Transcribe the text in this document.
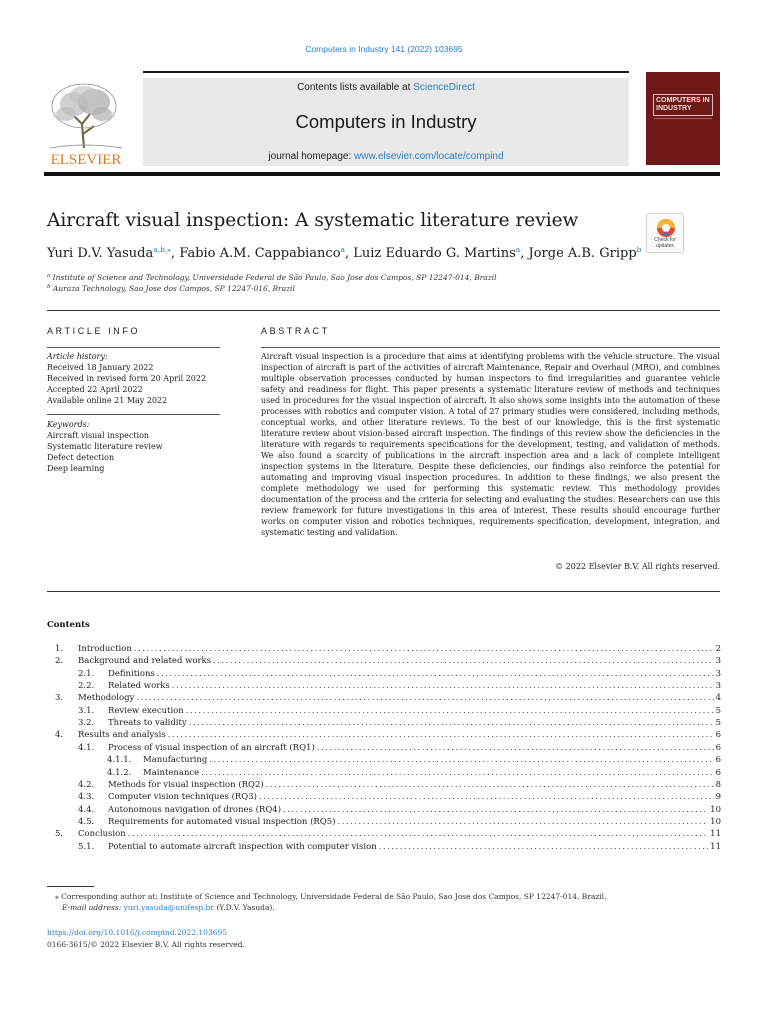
Computers in Industry 141 (2022) 103695
ELSEVIER
Contents lists available at ScienceDirect
Computers in Industry
journal homepage: www.elsevier.com/locate/compind
COMPUTERS IN INDUSTRY
Aircraft visual inspection: A systematic literature review
Check for updates
Yuri D.V. Yasuda$^{a,b,⁎}$, Fabio A.M. Cappabianco$^a$, Luiz Eduardo G. Martins$^a$, Jorge A.B. Gripp$^b$
$^a$ Institute of Science and Technology, Universidade Federal de São Paulo, Sao Jose dos Campos, SP 12247-014, Brazil
$^b$ Auraza Technology, Sao Jose dos Campos, SP 12247-016, Brazil
ARTICLE INFO
Article history:
Received 18 January 2022
Received in revised form 20 April 2022
Accepted 22 April 2022
Available online 21 May 2022
Keywords:
Aircraft visual inspection
Systematic literature review
Defect detection
Deep learning
ABSTRACT
Aircraft visual inspection is a procedure that aims at identifying problems with the vehicle structure. The visual inspection of aircraft is part of the activities of aircraft Maintenance, Repair and Overhaul (MRO), and combines multiple observation processes conducted by human inspectors to find irregularities and guarantee vehicle safety and readiness for flight. This paper presents a systematic literature review of methods and techniques used in procedures for the visual inspection of aircraft. It also shows some insights into the automation of these processes with robotics and computer vision. A total of 27 primary studies were considered, including methods, conceptual works, and other literature reviews. To the best of our knowledge, this is the first systematic literature review about vision-based aircraft inspection. The findings of this review show the deficiencies in the literature with regards to requirements specifications for the development, testing, and validation of methods. We also found a scarcity of publications in the aircraft inspection area and a lack of complete intelligent inspection systems in the literature. Despite these deficiencies, our findings also reinforce the potential for automating and improving visual inspection procedures. In addition to these findings, we also present the complete methodology we used for performing this systematic review. This methodology provides documentation of the process and the criteria for selecting and evaluating the studies. Researchers can use this review framework for future investigations in this area of interest. These results should encourage further works on computer vision and robotics techniques, requirements specification, development, integration, and systematic testing and validation.
© 2022 Elsevier B.V. All rights reserved.
Contents
1. Introduction .....	2
2. Background and related works .....	3
2.1. Definitions .....	3
2.2. Related works .....	3
3. Methodology .....	4
3.1. Review execution .....	5
3.2. Threats to validity .....	5
4. Results and analysis .....	6
4.1. Process of visual inspection of an aircraft (RQ1) .....	6
4.1.1. Manufacturing .....	6
4.1.2. Maintenance .....	6
4.2. Methods for visual inspection (RQ2) .....	8
4.3. Computer vision techniques (RQ3) .....	9
4.4. Autonomous navigation of drones (RQ4) .....	10
4.5. Requirements for automated visual inspection (RQ5) .....	10
5. Conclusion .....	11
5.1. Potential to automate aircraft inspection with computer vision .....	11
⁎ Corresponding author at: Institute of Science and Technology, Universidade Federal de São Paulo, Sao Jose dos Campos, SP 12247-014, Brazil.
E-mail address: yuri.yasuda@unifesp.br (Y.D.V. Yasuda).
https://doi.org/10.1016/j.compind.2022.103695
0166-3615/© 2022 Elsevier B.V. All rights reserved.
